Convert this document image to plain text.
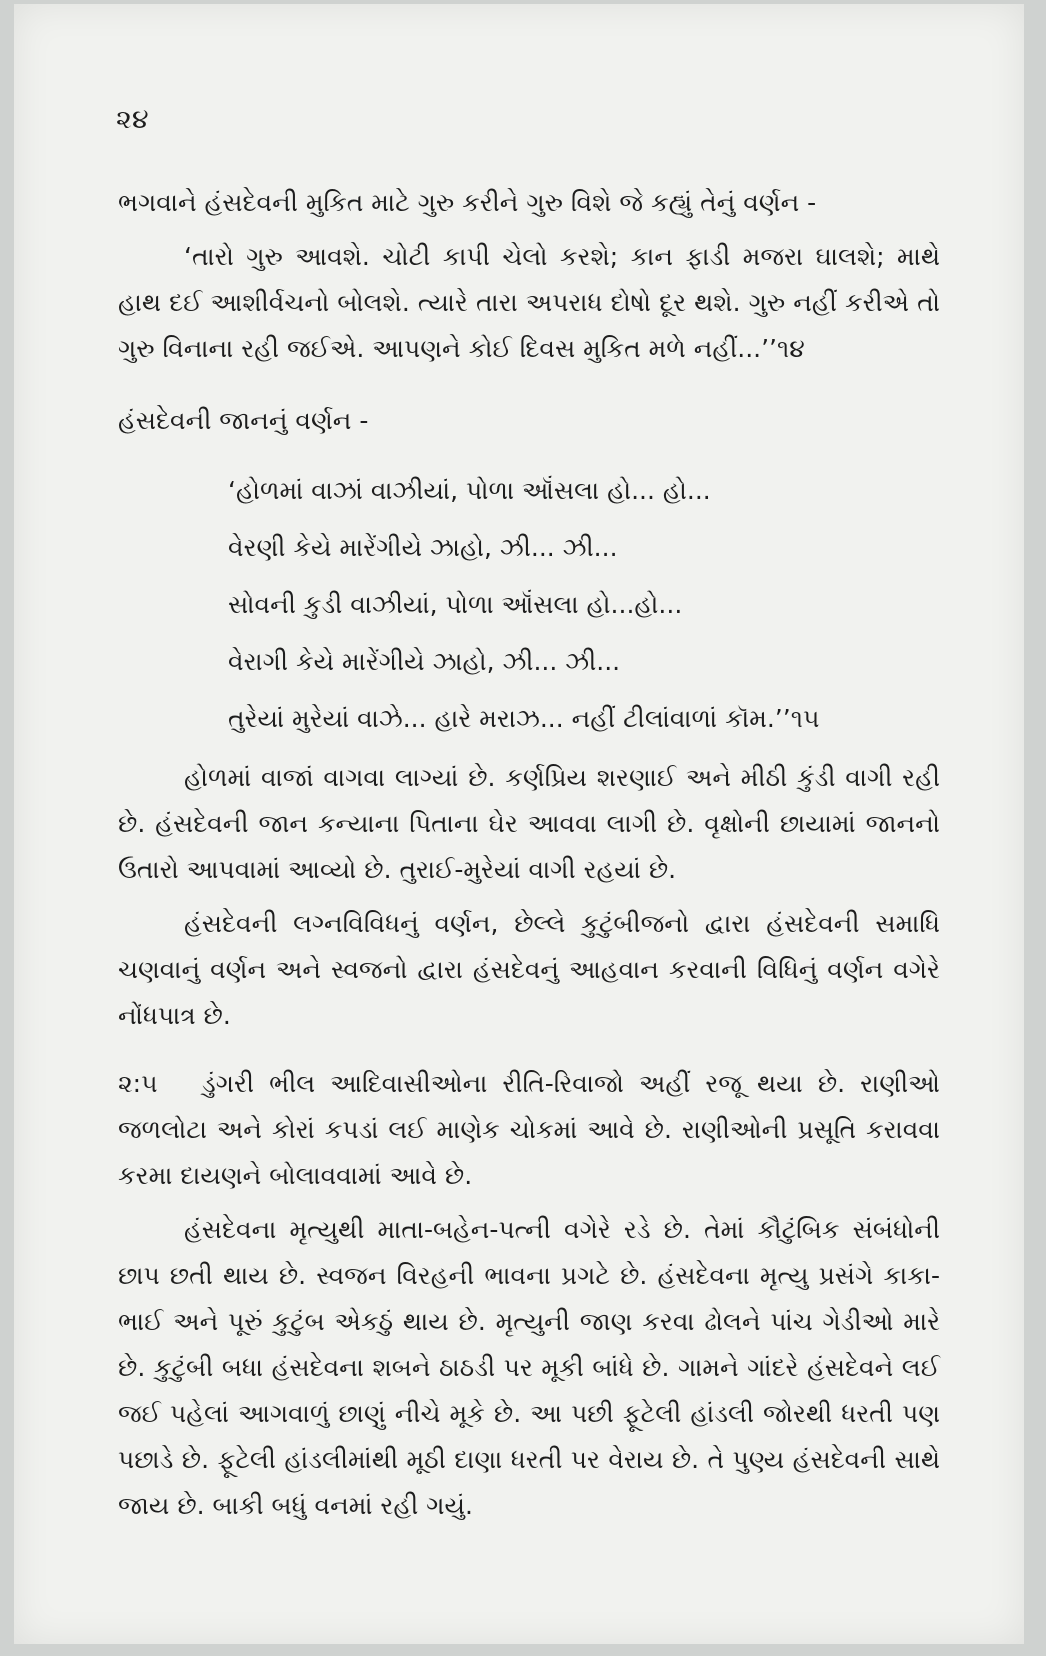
૨૪

ભગવાને હંસદેવની મુકિત માટે ગુરુ કરીને ગુરુ વિશે જે કહ્યું તેનું વર્ણન -

‘તારો ગુરુ આવશે. ચોટી કાપી ચેલો કરશે; કાન ફાડી મજરા ઘાલશે; માથે હાથ દઈ આશીર્વચનો બોલશે. ત્યારે તારા અપરાધ દોષો દૂર થશે. ગુરુ નહીં કરીએ તો ગુરુ વિનાના રહી જઈએ. આપણને કોઈ દિવસ મુકિત મળે નહીં...’’૧૪

હંસદેવની જાનનું વર્ણન -

‘હોળમાં વાઝાં વાઝીયાં, પોળા ઑંસલા હો... હો...
વેરણી કેયે મારેંગીયે ઝાહો, ઝી... ઝી...
સોવની કુડી વાઝીયાં, પોળા ઑંસલા હો...હો...
વેરાગી કેયે મારેંગીયે ઝાહો, ઝી... ઝી...
તુરેયાં મુરેયાં વાઝે... હારે મરાઝ... નહીં ટીલાંવાળાં કૉમ.’’૧૫

હોળમાં વાજાં વાગવા લાગ્યાં છે. કર્ણપ્રિય શરણાઈ અને મીઠી કુંડી વાગી રહી છે. હંસદેવની જાન કન્યાના પિતાના ઘેર આવવા લાગી છે. વૃક્ષોની છાયામાં જાનનો ઉતારો આપવામાં આવ્યો છે. તુરાઈ-મુરેયાં વાગી રહયાં છે.

હંસદેવની લગ્નવિવિધનું વર્ણન, છેલ્લે કુટુંબીજનો દ્વારા હંસદેવની સમાધિ ચણવાનું વર્ણન અને સ્વજનો દ્વારા હંસદેવનું આહવાન કરવાની વિધિનું વર્ણન વગેરે નોંધપાત્ર છે.

૨:૫ ડુંગરી ભીલ આદિવાસીઓના રીતિ-રિવાજો અહીં રજૂ થયા છે. રાણીઓ જળલોટા અને કોરાં કપડાં લઈ માણેક ચોકમાં આવે છે. રાણીઓની પ્રસૂતિ કરાવવા કરમા દાયણને બોલાવવામાં આવે છે.

હંસદેવના મૃત્યુથી માતા-બહેન-પત્ની વગેરે રડે છે. તેમાં કૌટુંબિક સંબંધોની છાપ છતી થાય છે. સ્વજન વિરહની ભાવના પ્રગટે છે. હંસદેવના મૃત્યુ પ્રસંગે કાકા-ભાઈ અને પૂરું કુટુંબ એકઠું થાય છે. મૃત્યુની જાણ કરવા ઢોલને પાંચ ગેડીઓ મારે છે. કુટુંબી બધા હંસદેવના શબને ઠાઠડી પર મૂકી બાંધે છે. ગામને ગાંદરે હંસદેવને લઈ જઈ પહેલાં આગવાળું છાણું નીચે મૂકે છે. આ પછી ફૂટેલી હાંડલી જોરથી ધરતી પણ પછાડે છે. ફૂટેલી હાંડલીમાંથી મૂઠી દાણા ધરતી પર વેરાય છે. તે પુણ્ય હંસદેવની સાથે જાય છે. બાકી બધું વનમાં રહી ગયું.
